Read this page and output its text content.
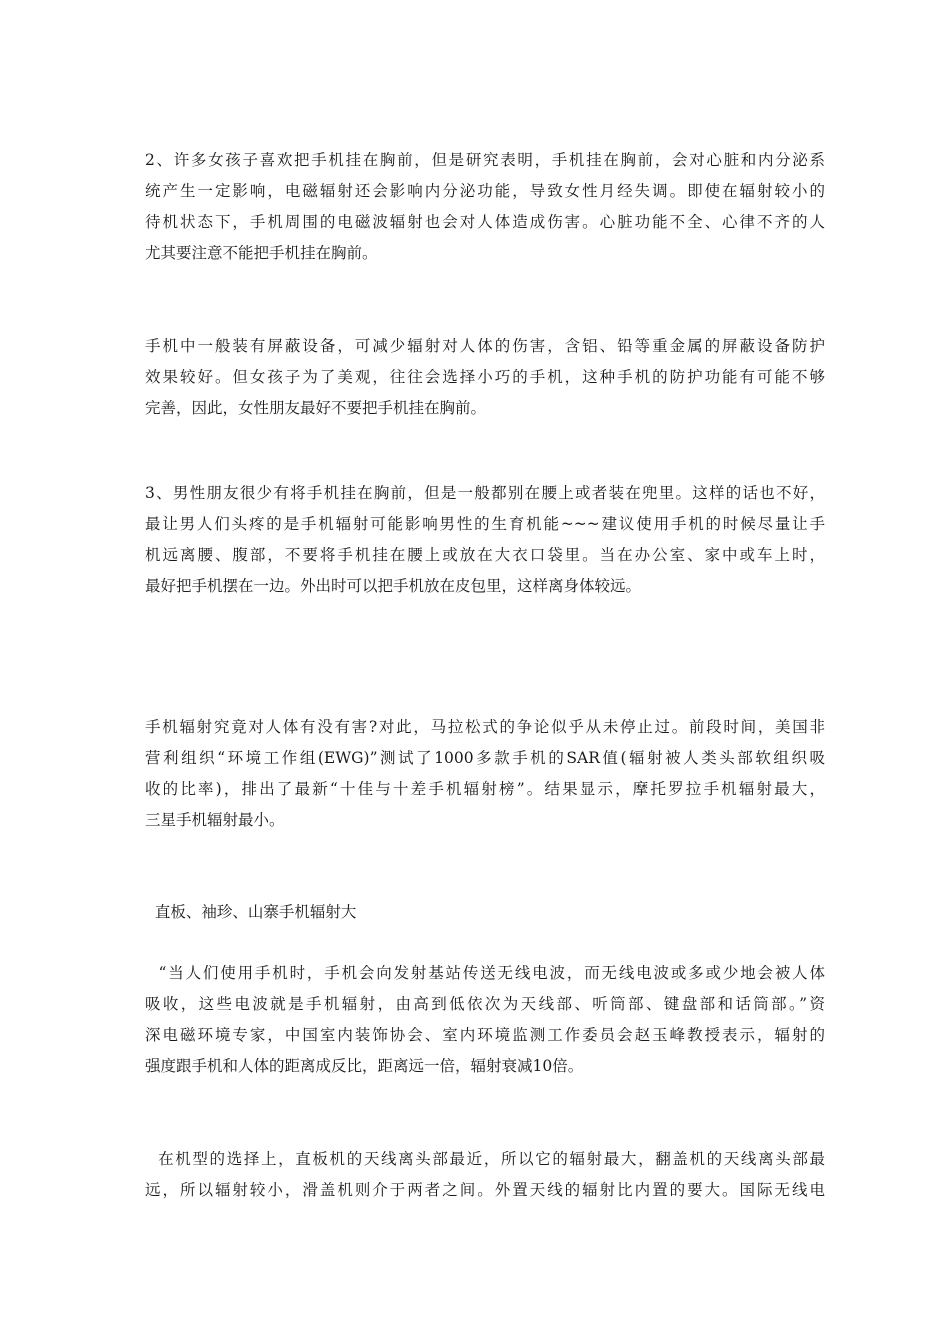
2、许多女孩子喜欢把手机挂在胸前，但是研究表明，手机挂在胸前，会对心脏和内分泌系
统产生一定影响，电磁辐射还会影响内分泌功能，导致女性月经失调。即使在辐射较小的
待机状态下，手机周围的电磁波辐射也会对人体造成伤害。心脏功能不全、心律不齐的人
尤其要注意不能把手机挂在胸前。
手机中一般装有屏蔽设备，可减少辐射对人体的伤害，含铝、铅等重金属的屏蔽设备防护
效果较好。但女孩子为了美观，往往会选择小巧的手机，这种手机的防护功能有可能不够
完善，因此，女性朋友最好不要把手机挂在胸前。
3、男性朋友很少有将手机挂在胸前，但是一般都别在腰上或者装在兜里。这样的话也不好，
最让男人们头疼的是手机辐射可能影响男性的生育机能~~~建议使用手机的时候尽量让手
机远离腰、腹部，不要将手机挂在腰上或放在大衣口袋里。当在办公室、家中或车上时，
最好把手机摆在一边。外出时可以把手机放在皮包里，这样离身体较远。
手机辐射究竟对人体有没有害?对此，马拉松式的争论似乎从未停止过。前段时间，美国非
营利组织“环境工作组(EWG)”测试了1000多款手机的SAR值(辐射被人类头部软组织吸
收的比率)，排出了最新“十佳与十差手机辐射榜”。结果显示，摩托罗拉手机辐射最大，
三星手机辐射最小。
直板、袖珍、山寨手机辐射大
“当人们使用手机时，手机会向发射基站传送无线电波，而无线电波或多或少地会被人体
吸收，这些电波就是手机辐射，由高到低依次为天线部、听筒部、键盘部和话筒部。”资
深电磁环境专家，中国室内装饰协会、室内环境监测工作委员会赵玉峰教授表示，辐射的
强度跟手机和人体的距离成反比，距离远一倍，辐射衰减10倍。
在机型的选择上，直板机的天线离头部最近，所以它的辐射最大，翻盖机的天线离头部最
远，所以辐射较小，滑盖机则介于两者之间。外置天线的辐射比内置的要大。国际无线电
